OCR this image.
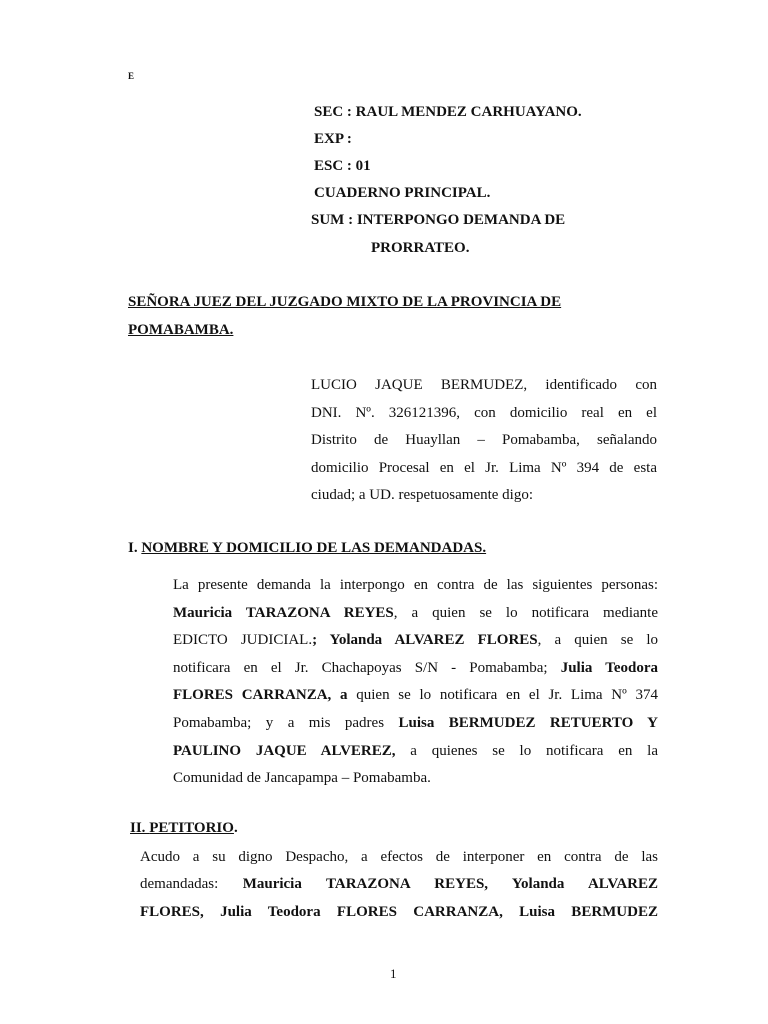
E
SEC : RAUL MENDEZ CARHUAYANO.
EXP :
ESC : 01
CUADERNO PRINCIPAL.
SUM : INTERPONGO DEMANDA DE
PRORRATEO.
SEÑORA JUEZ DEL JUZGADO MIXTO DE LA PROVINCIA DE
POMABAMBA.
LUCIO JAQUE BERMUDEZ, identificado con
DNI. Nº. 326121396, con domicilio real en el
Distrito de Huayllan – Pomabamba, señalando
domicilio Procesal en el Jr. Lima Nº 394 de esta
ciudad; a UD. respetuosamente digo:
I. NOMBRE Y DOMICILIO DE LAS DEMANDADAS.
La presente demanda la interpongo en contra de las siguientes personas:
Mauricia TARAZONA REYES, a quien se lo notificara mediante
EDICTO JUDICIAL.; Yolanda ALVAREZ FLORES, a quien se lo
notificara en el Jr. Chachapoyas S/N - Pomabamba; Julia Teodora
FLORES CARRANZA, a quien se lo notificara en el Jr. Lima Nº 374
Pomabamba; y a mis padres Luisa BERMUDEZ RETUERTO Y
PAULINO JAQUE ALVEREZ, a quienes se lo notificara en la
Comunidad de Jancapampa – Pomabamba.
II. PETITORIO.
Acudo a su digno Despacho, a efectos de interponer en contra de las
demandadas: Mauricia TARAZONA REYES, Yolanda ALVAREZ
FLORES, Julia Teodora FLORES CARRANZA, Luisa BERMUDEZ
1
